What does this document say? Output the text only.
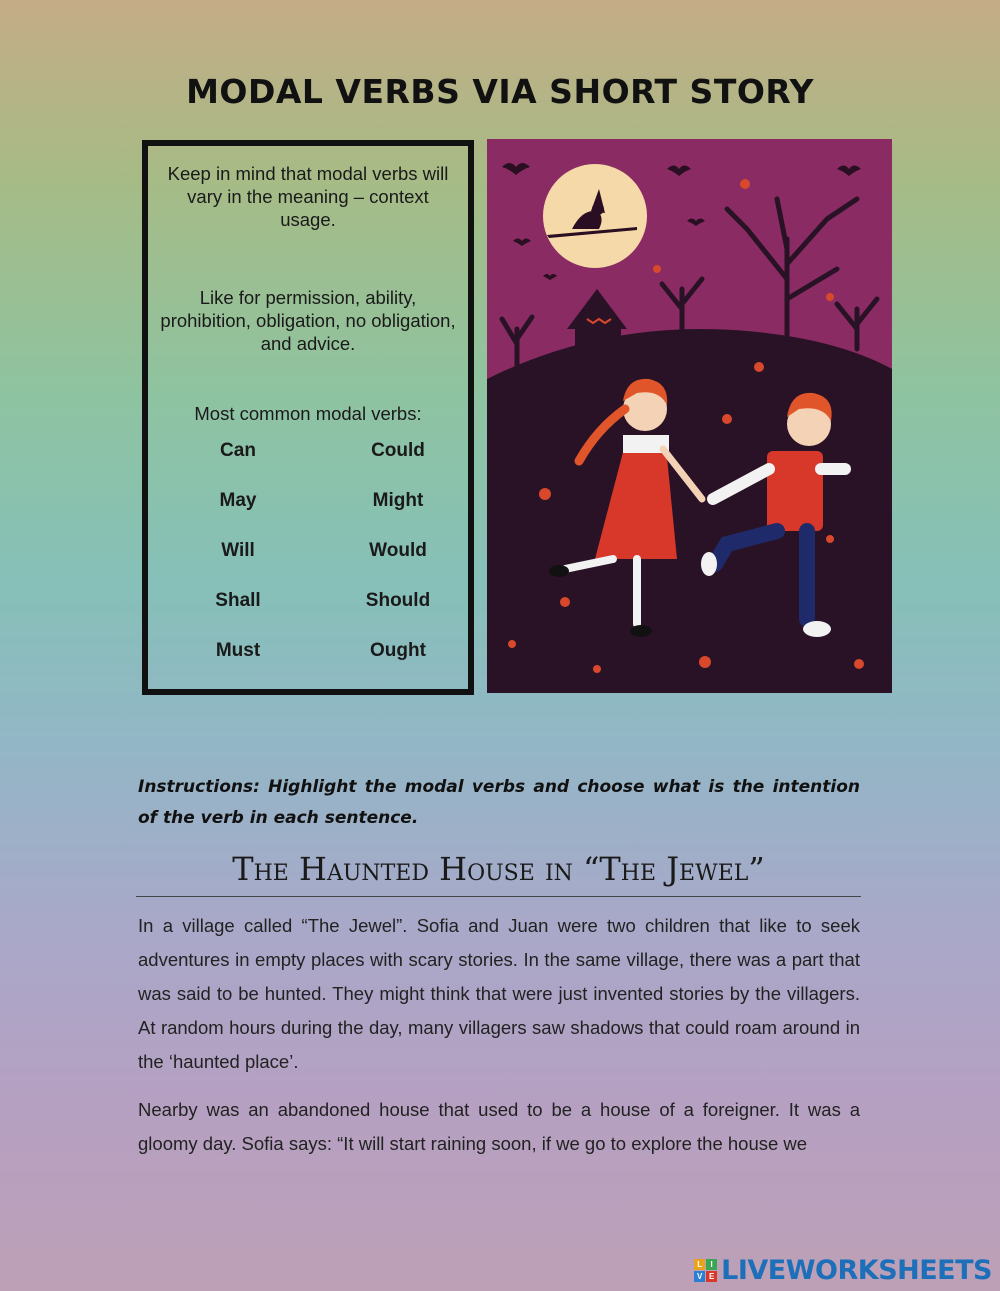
MODAL VERBS VIA SHORT STORY

Keep in mind that modal verbs will vary in the meaning – context usage.

Like for permission, ability, prohibition, obligation, no obligation, and advice.

Most common modal verbs:

Can	Could
May	Might
Will	Would
Shall	Should
Must	Ought
Instructions: Highlight the modal verbs and choose what is the intention of the verb in each sentence.
The Haunted House in “The Jewel”

In a village called “The Jewel”. Sofia and Juan were two children that like to seek adventures in empty places with scary stories. In the same village, there was a part that was said to be hunted. They might think that were just invented stories by the villagers. At random hours during the day, many villagers saw shadows that could roam around in the ‘haunted place’.

Nearby was an abandoned house that used to be a house of a foreigner. It was a gloomy day. Sofia says: “It will start raining soon, if we go to explore the house we

L	I
V E LIVEWORKSHEETS
